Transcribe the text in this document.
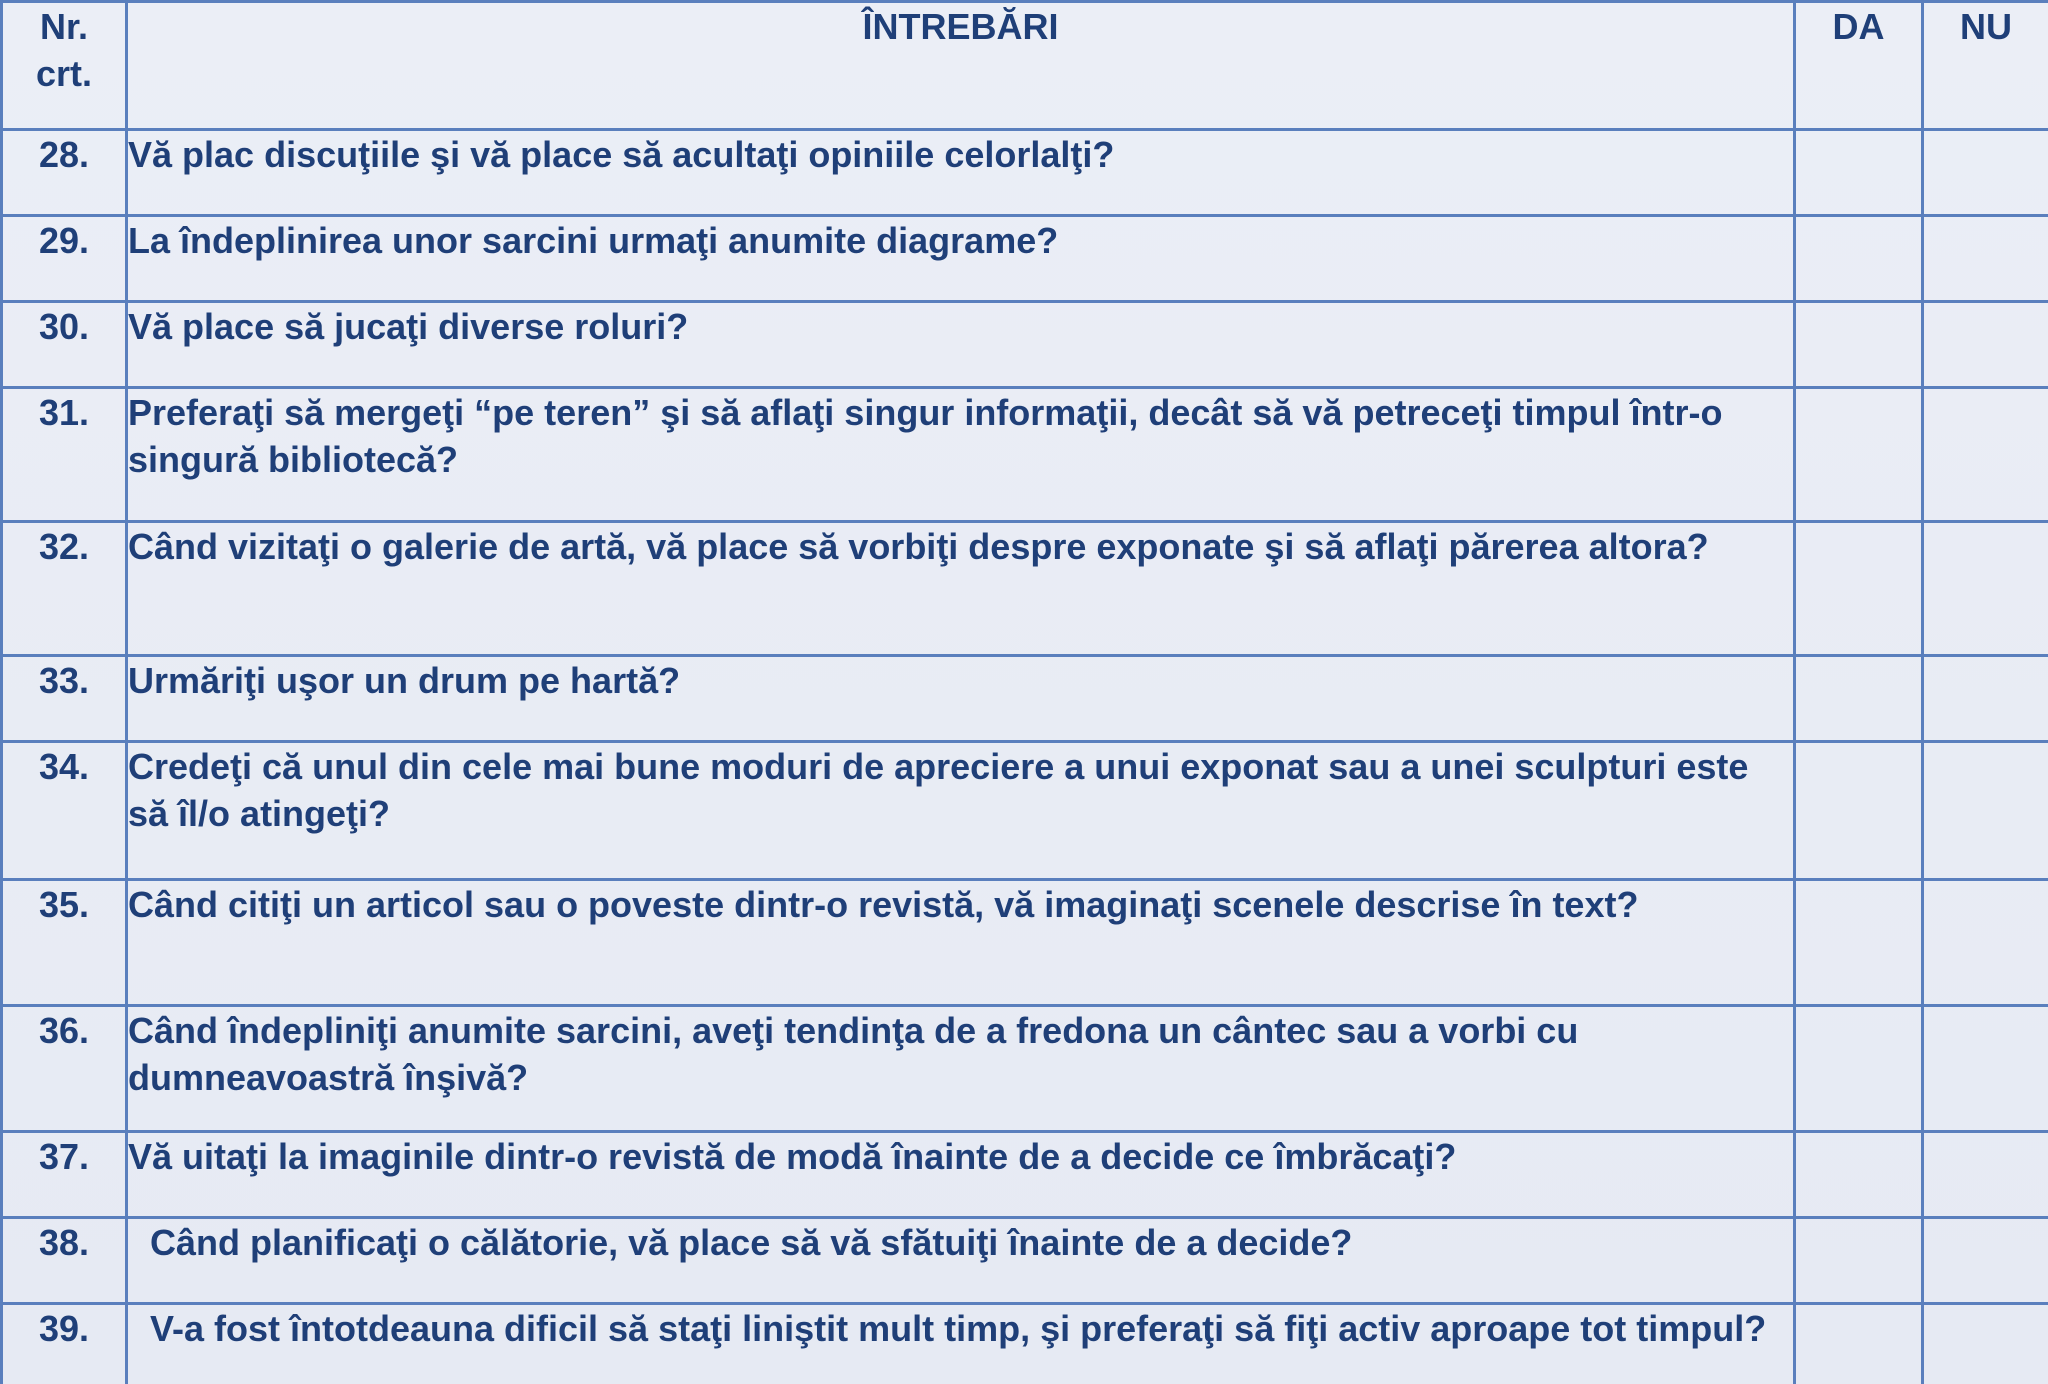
Nr.
crt.	ÎNTREBĂRI	DA	NU
28.	Vă plac discuţiile şi vă place să acultaţi opiniile celorlalţi?		
29.	La îndeplinirea unor sarcini urmaţi anumite diagrame?		
30.	Vă place să jucaţi diverse roluri?		
31.	Preferaţi să mergeţi “pe teren” şi să aflaţi singur informaţii, decât să vă petreceţi timpul într-o singură bibliotecă?		
32.	Când vizitaţi o galerie de artă, vă place să vorbiţi despre exponate şi să aflaţi părerea altora?		
33.	Urmăriţi uşor un drum pe hartă?		
34.	Credeţi că unul din cele mai bune moduri de apreciere a unui exponat sau a unei sculpturi este să îl/o atingeţi?		
35.	Când citiţi un articol sau o poveste dintr-o revistă, vă imaginaţi scenele descrise în text?		
36.	Când îndepliniţi anumite sarcini, aveţi tendinţa de a fredona un cântec sau a vorbi cu dumneavoastră înşivă?		
37.	Vă uitaţi la imaginile dintr-o revistă de modă înainte de a decide ce îmbrăcaţi?		
38.	Când planificaţi o călătorie, vă place să vă sfătuiţi înainte de a decide?		
39.	V-a fost întotdeauna dificil să staţi liniştit mult timp, şi preferaţi să fiţi activ aproape tot timpul?		
